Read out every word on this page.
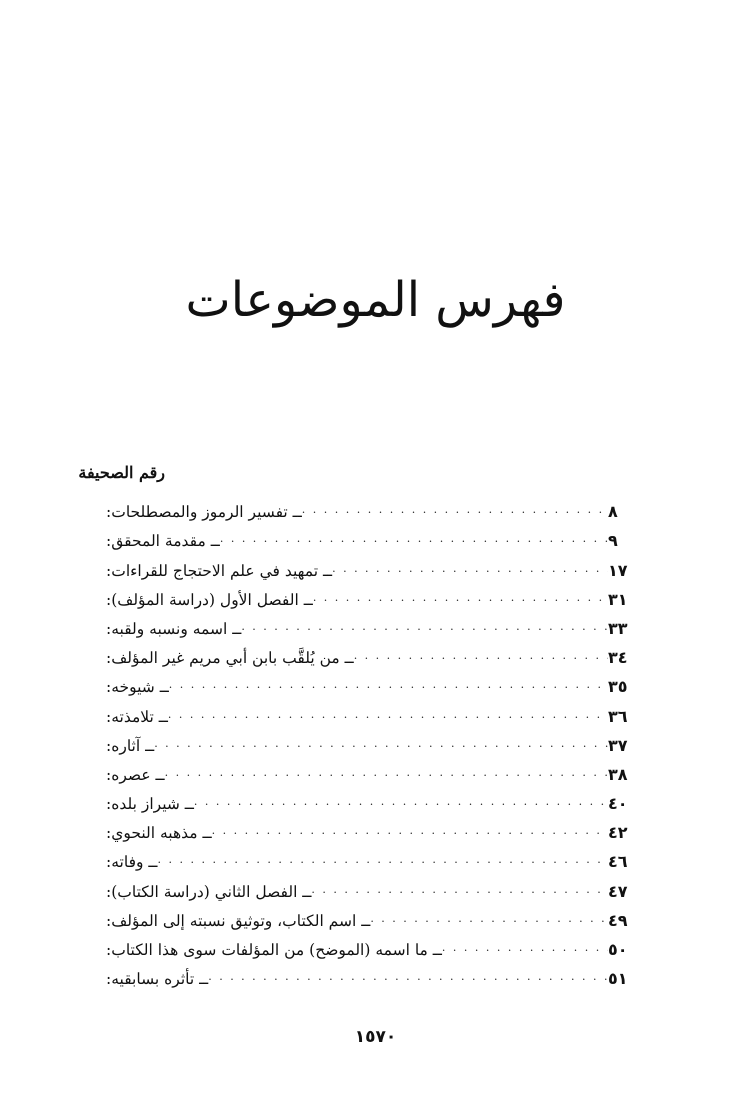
فهرس الموضوعات
رقم الصحيفة
ــ تفسير الرموز والمصطلحات: . . .	٨
ــ مقدمة المحقق: . . .	٩
ــ تمهيد في علم الاحتجاج للقراءات: . . .	١٧
ــ الفصل الأول (دراسة المؤلف): . . .	٣١
ــ اسمه ونسبه ولقبه: . . .	٣٣
ــ من يُلقَّب بابن أبي مريم غير المؤلف: . . .	٣٤
ــ شيوخه: . . .	٣٥
ــ تلامذته: . . .	٣٦
ــ آثاره: . . .	٣٧
ــ عصره: . . .	٣٨
ــ شيراز بلده: . . .	٤٠
ــ مذهبه النحوي: . . .	٤٢
ــ وفاته: . . .	٤٦
ــ الفصل الثاني (دراسة الكتاب): . . .	٤٧
ــ اسم الكتاب، وتوثيق نسبته إلى المؤلف: . . .	٤٩
ــ ما اسمه (الموضح) من المؤلفات سوى هذا الكتاب: . . .	٥٠
ــ تأثره بسابقيه: . . .	٥١
١٥٧٠
